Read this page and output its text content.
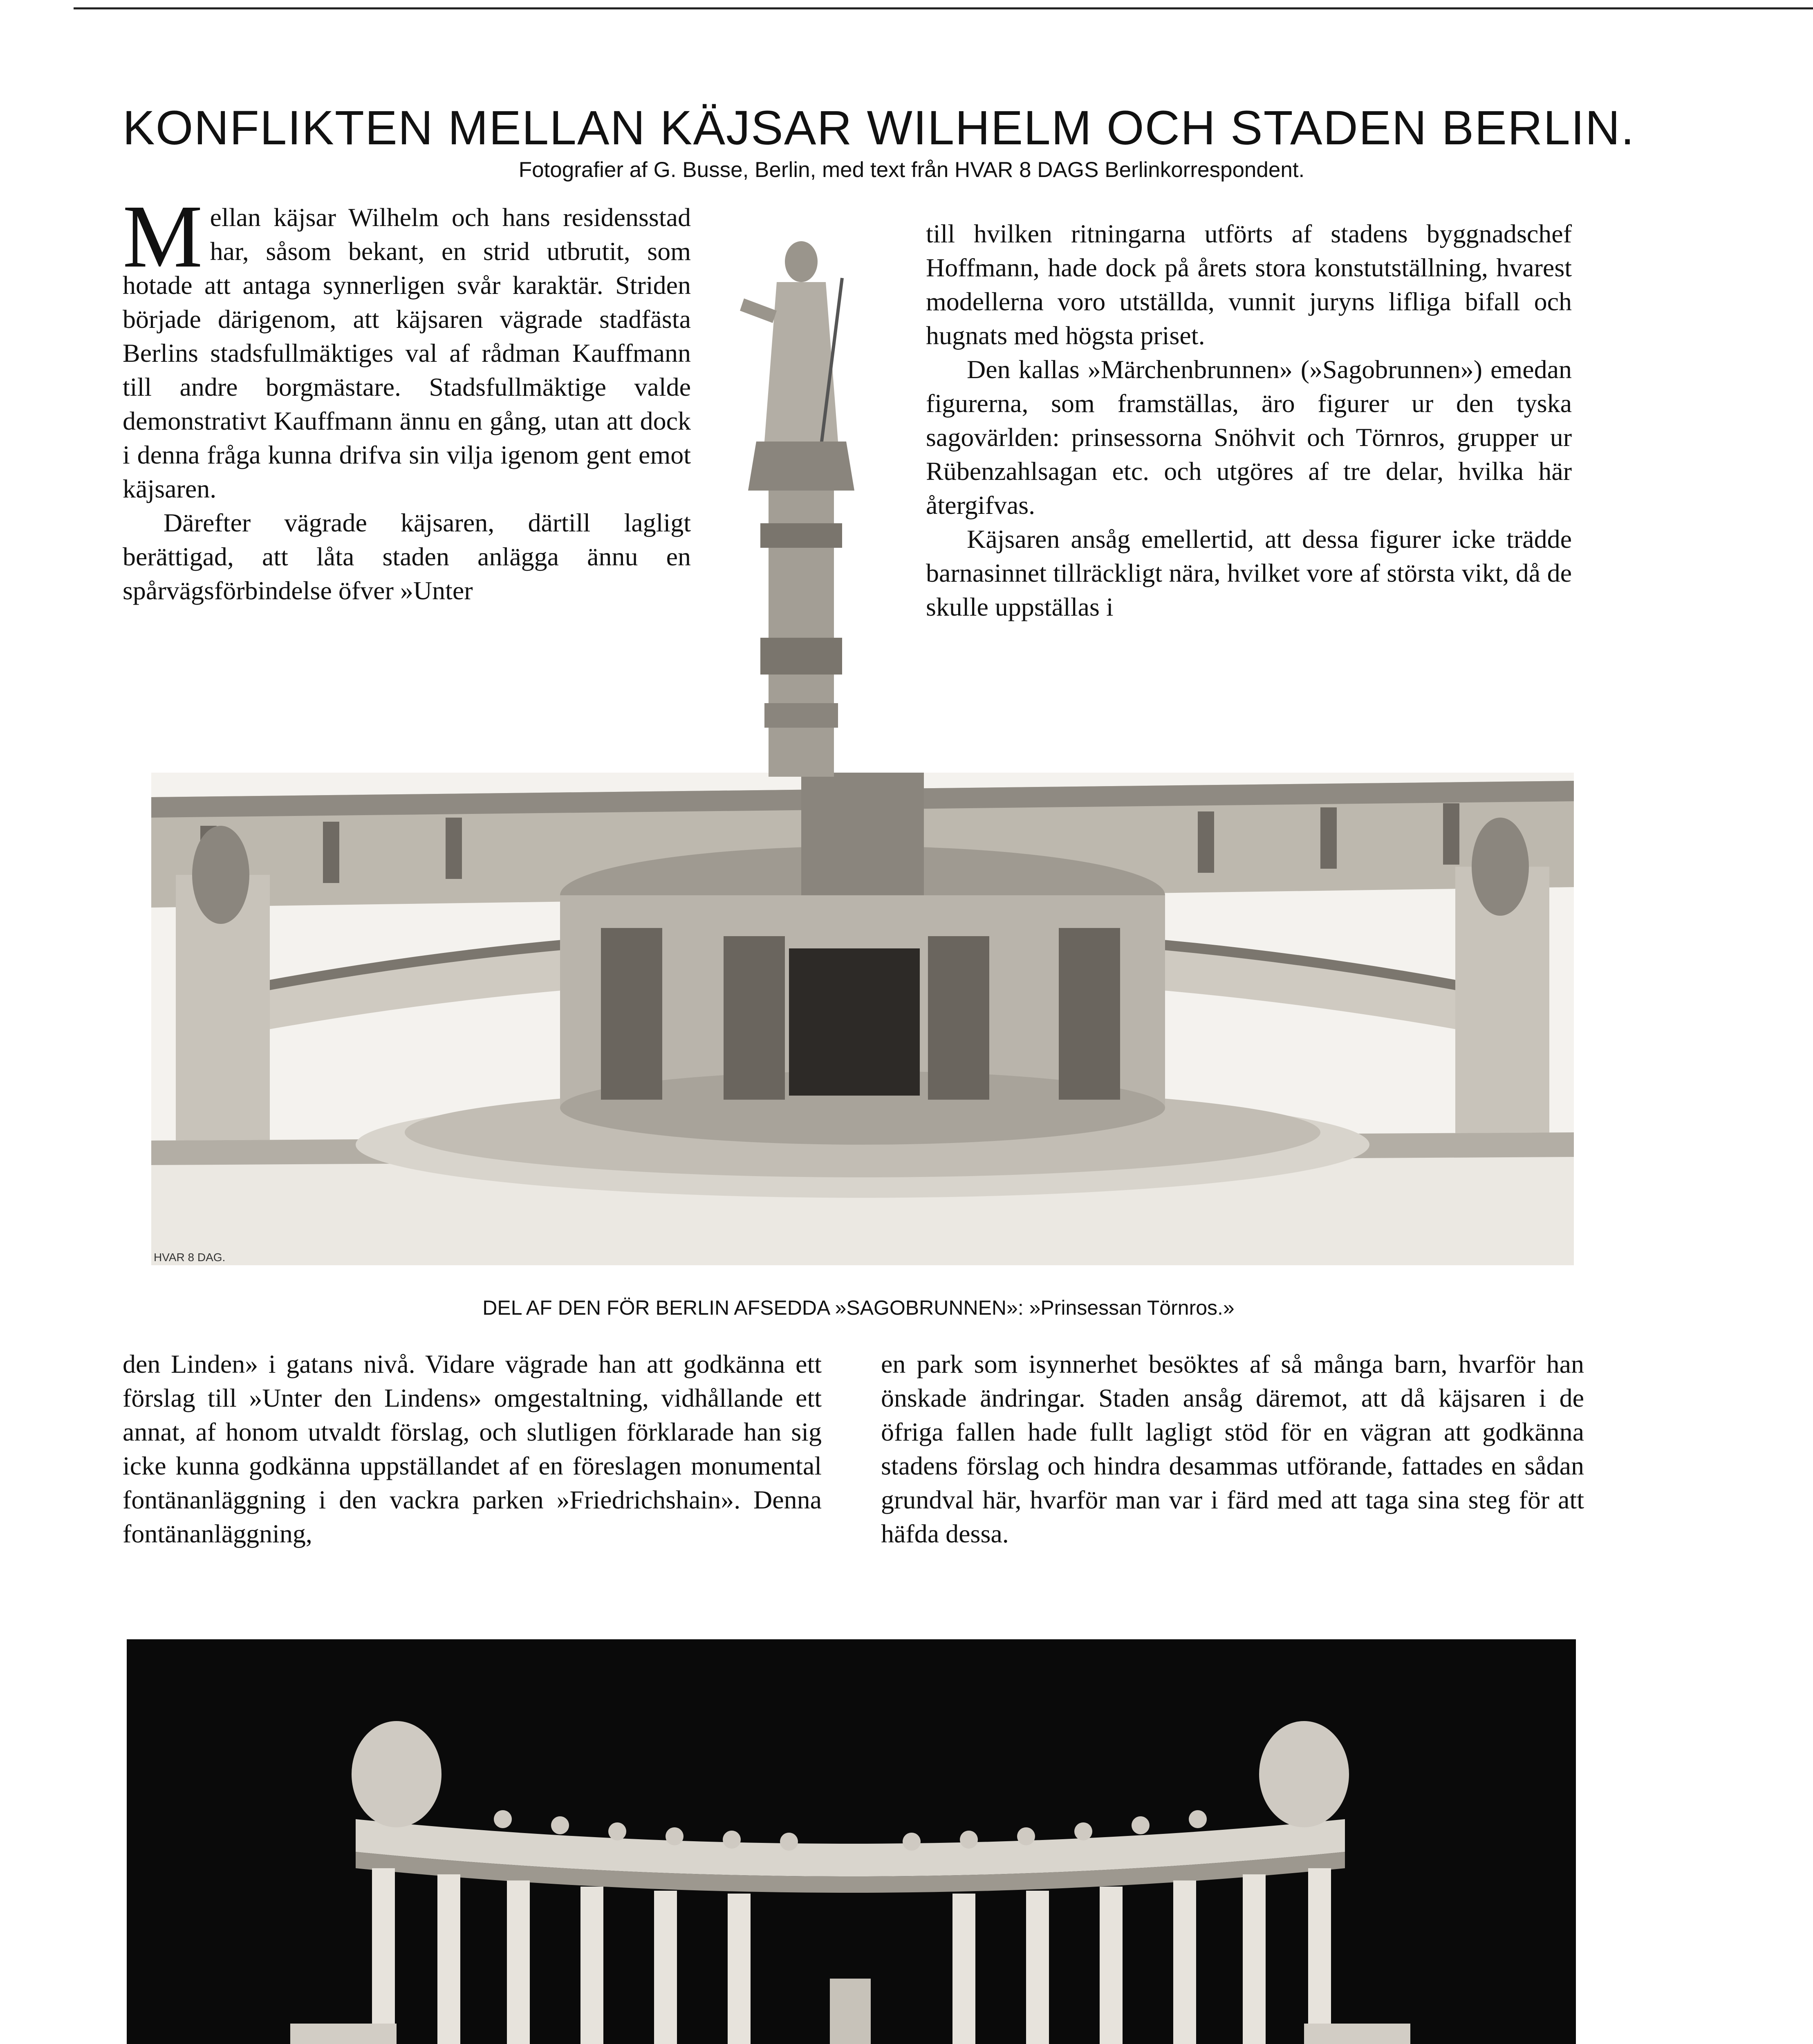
KONFLIKTEN MELLAN KÄJSAR WILHELM OCH STADEN BERLIN.
Fotografier af G. Busse, Berlin, med text från HVAR 8 DAGS Berlinkorrespondent.

Mellan käjsar Wilhelm och hans residensstad har, såsom bekant, en strid utbrutit, som hotade att antaga synnerligen svår karaktär. Striden började därigenom, att käjsaren vägrade stadfästa Berlins stadsfullmäktiges val af rådman Kauffmann till andre borgmästare. Stadsfullmäktige valde demonstrativt Kauffmann ännu en gång, utan att dock i denna fråga kunna drifva sin vilja igenom gent emot käjsaren.

Därefter vägrade käjsaren, därtill lagligt berättigad, att låta staden anlägga ännu en spårvägsförbindelse öfver »Unter

till hvilken ritningarna utförts af stadens byggnadschef Hoffmann, hade dock på årets stora konstutställning, hvarest modellerna voro utställda, vunnit juryns lifliga bifall och hugnats med högsta priset.

Den kallas »Märchenbrunnen» (»Sagobrunnen») emedan figurerna, som framställas, äro figurer ur den tyska sagovärlden: prinsessorna Snöhvit och Törnros, grupper ur Rübenzahlsagan etc. och utgöres af tre delar, hvilka här återgifvas.

Käjsaren ansåg emellertid, att dessa figurer icke trädde barnasinnet tillräckligt nära, hvilket vore af största vikt, då de skulle uppställas i

HVAR 8 DAG.
DEL AF DEN FÖR BERLIN AFSEDDA »SAGOBRUNNEN»: »Prinsessan Törnros.»

den Linden» i gatans nivå. Vidare vägrade han att godkänna ett förslag till »Unter den Lindens» omgestaltning, vidhållande ett annat, af honom utvaldt förslag, och slutligen förklarade han sig icke kunna godkänna uppställandet af en föreslagen monumental fontänanläggning i den vackra parken »Friedrichshain». Denna fontänanläggning,

en park som isynnerhet besöktes af så många barn, hvarför han önskade ändringar. Staden ansåg däremot, att då käjsaren i de öfriga fallen hade fullt lagligt stöd för en vägran att godkänna stadens förslag och hindra desammas utförande, fattades en sådan grundval här, hvarför man var i färd med att taga sina steg för att häfda dessa.
